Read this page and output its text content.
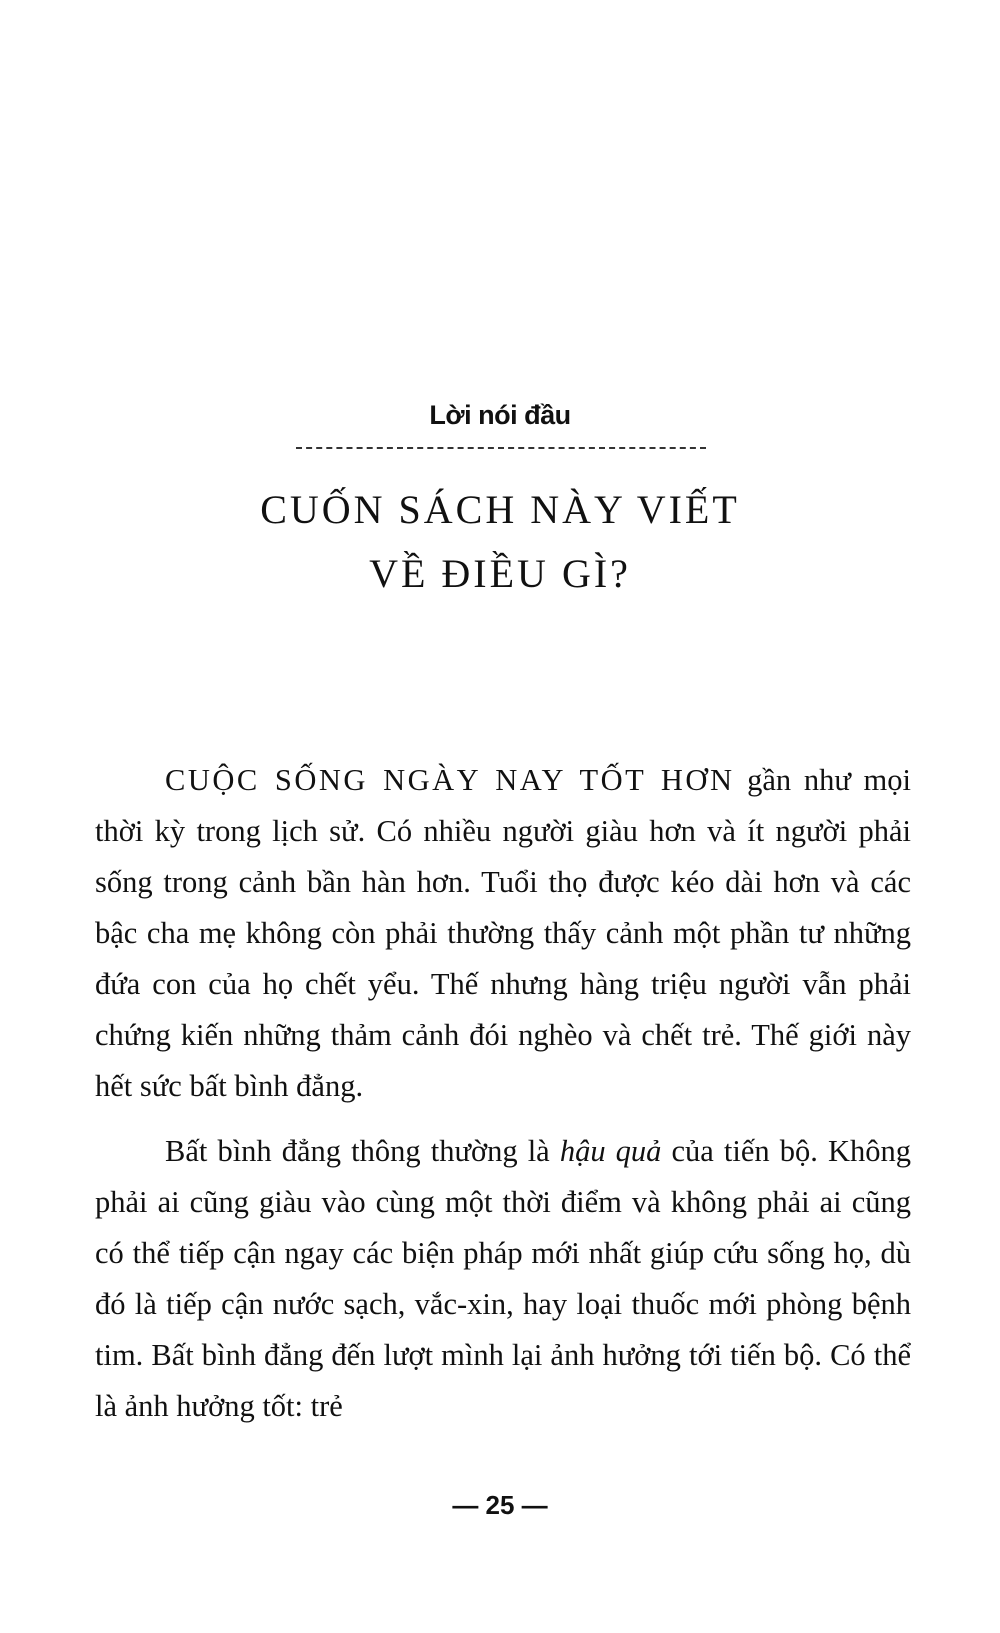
Lời nói đầu
CUỐN SÁCH NÀY VIẾT
VỀ ĐIỀU GÌ?

CUỘC SỐNG NGÀY NAY TỐT HƠN gần như mọi thời kỳ trong lịch sử. Có nhiều người giàu hơn và ít người phải sống trong cảnh bần hàn hơn. Tuổi thọ được kéo dài hơn và các bậc cha mẹ không còn phải thường thấy cảnh một phần tư những đứa con của họ chết yểu. Thế nhưng hàng triệu người vẫn phải chứng kiến những thảm cảnh đói nghèo và chết trẻ. Thế giới này hết sức bất bình đẳng.

Bất bình đẳng thông thường là hậu quả của tiến bộ. Không phải ai cũng giàu vào cùng một thời điểm và không phải ai cũng có thể tiếp cận ngay các biện pháp mới nhất giúp cứu sống họ, dù đó là tiếp cận nước sạch, vắc-xin, hay loại thuốc mới phòng bệnh tim. Bất bình đẳng đến lượt mình lại ảnh hưởng tới tiến bộ. Có thể là ảnh hưởng tốt: trẻ

— 25 —
